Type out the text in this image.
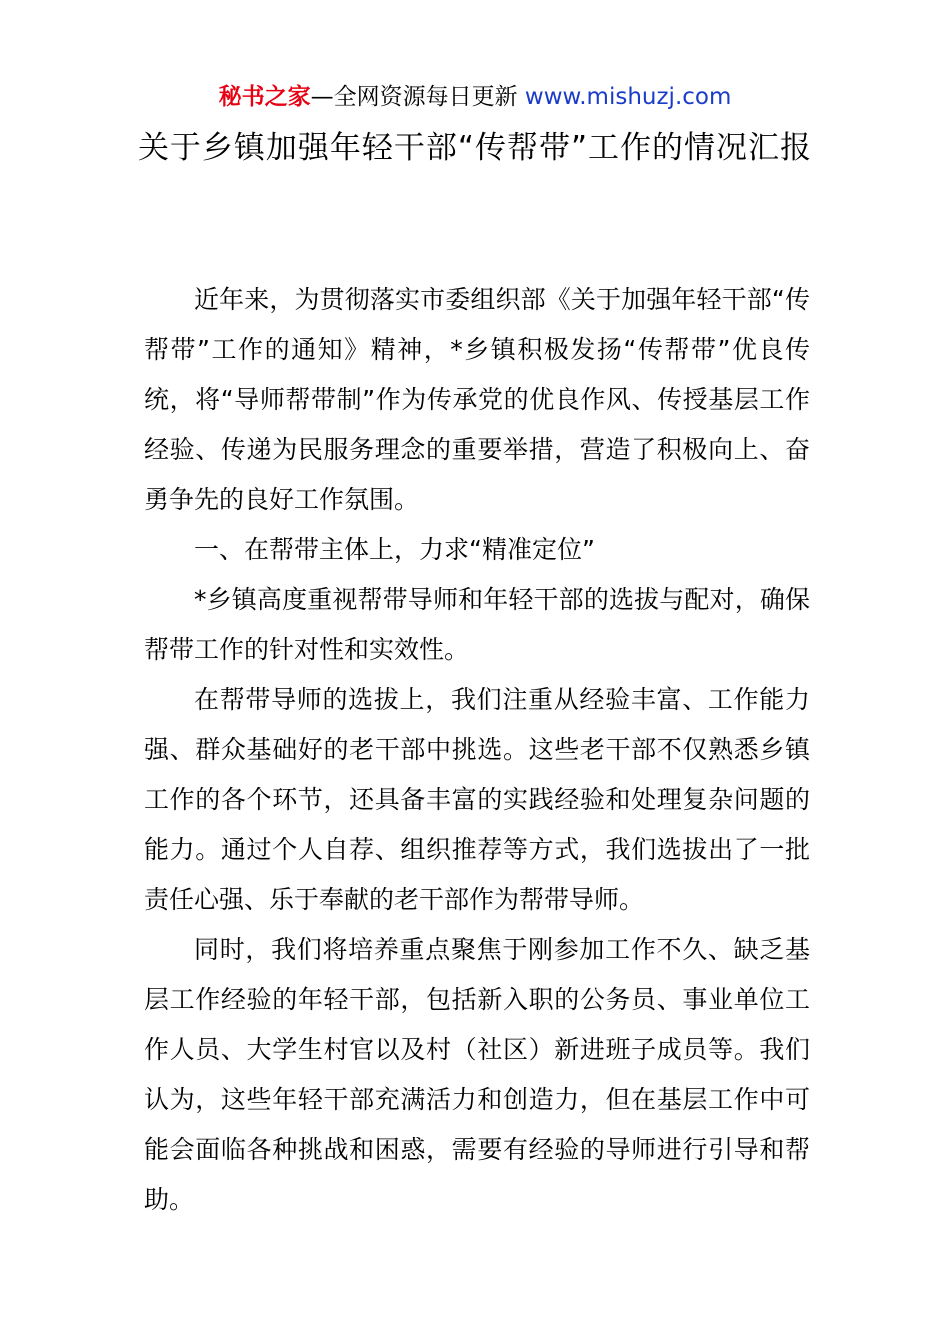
秘书之家—全网资源每日更新 www.mishuzj.com
关于乡镇加强年轻干部“传帮带”工作的情况汇报

近年来，为贯彻落实市委组织部《关于加强年轻干部“传帮带”工作的通知》精神，*乡镇积极发扬“传帮带”优良传统，将“导师帮带制”作为传承党的优良作风、传授基层工作经验、传递为民服务理念的重要举措，营造了积极向上、奋勇争先的良好工作氛围。

一、在帮带主体上，力求“精准定位”

*乡镇高度重视帮带导师和年轻干部的选拔与配对，确保帮带工作的针对性和实效性。

在帮带导师的选拔上，我们注重从经验丰富、工作能力强、群众基础好的老干部中挑选。这些老干部不仅熟悉乡镇工作的各个环节，还具备丰富的实践经验和处理复杂问题的能力。通过个人自荐、组织推荐等方式，我们选拔出了一批责任心强、乐于奉献的老干部作为帮带导师。

同时，我们将培养重点聚焦于刚参加工作不久、缺乏基层工作经验的年轻干部，包括新入职的公务员、事业单位工作人员、大学生村官以及村（社区）新进班子成员等。我们认为，这些年轻干部充满活力和创造力，但在基层工作中可能会面临各种挑战和困惑，需要有经验的导师进行引导和帮助。
